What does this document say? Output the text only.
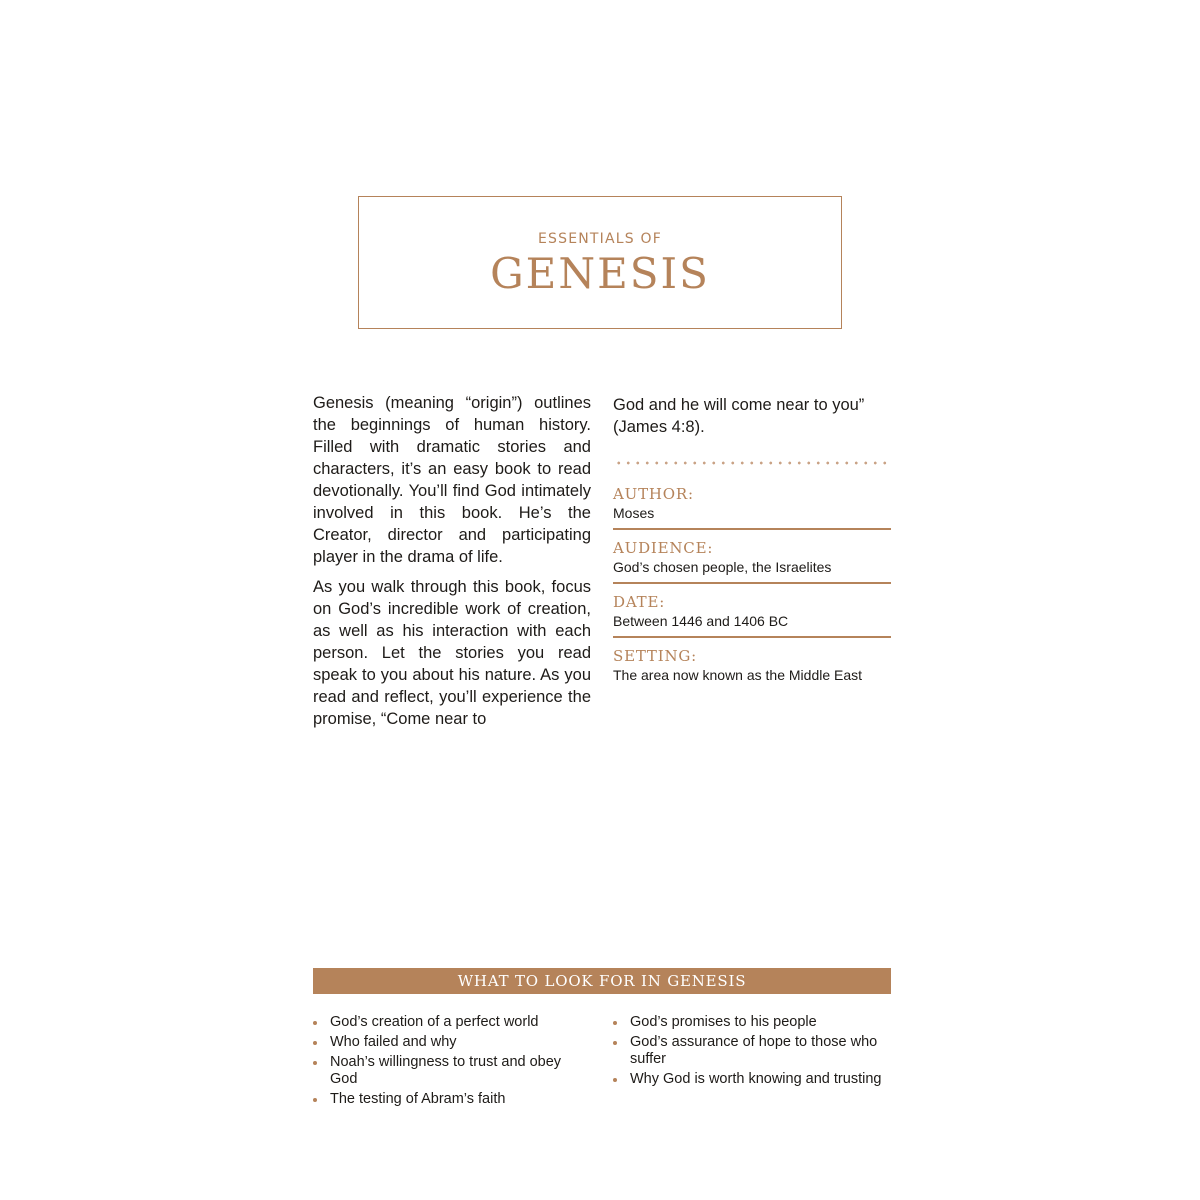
ESSENTIALS OF
GENESIS

Genesis (meaning “origin”) outlines the beginnings of human history. Filled with dramatic stories and characters, it’s an easy book to read devotionally. You’ll find God intimately involved in this book. He’s the Creator, director and participating player in the drama of life.

As you walk through this book, focus on God’s incredible work of creation, as well as his interaction with each person. Let the stories you read speak to you about his nature. As you read and reflect, you’ll experience the promise, “Come near to

God and he will come near to you” (James 4:8).
AUTHOR:
Moses
AUDIENCE:
God’s chosen people, the Israelites
DATE:
Between 1446 and 1406 BC
SETTING:
The area now known as the Middle East
WHAT TO LOOK FOR IN GENESIS
God’s creation of a perfect world
Who failed and why
Noah’s willingness to trust and obey God
The testing of Abram’s faith
God’s promises to his people
God’s assurance of hope to those who suffer
Why God is worth knowing and trusting
